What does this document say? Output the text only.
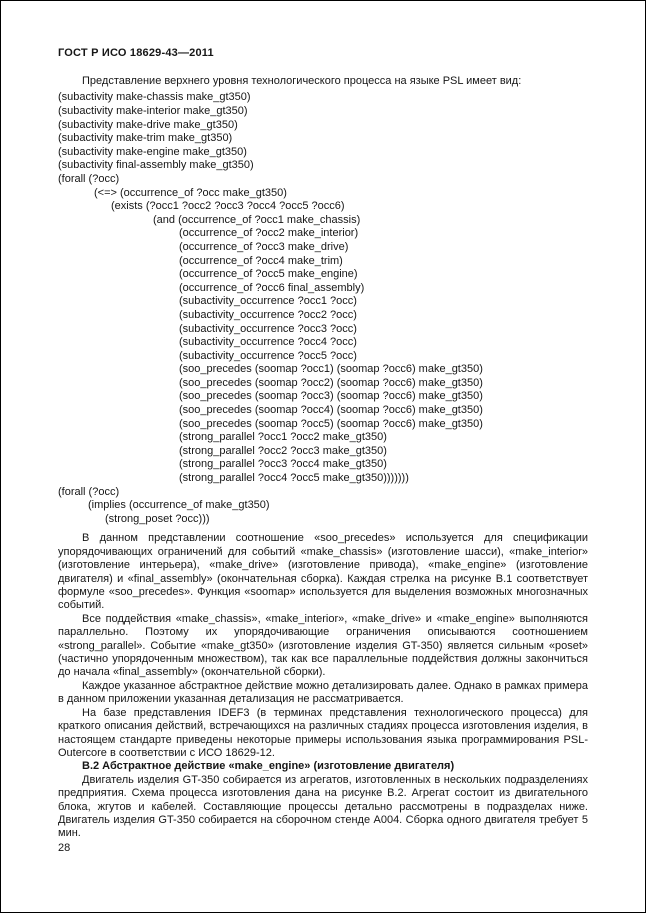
ГОСТ Р ИСО 18629-43—2011

Представление верхнего уровня технологического процесса на языке PSL имеет вид:

(subactivity make-chassis make_gt350)
(subactivity make-interior make_gt350)
(subactivity make-drive make_gt350)
(subactivity make-trim make_gt350)
(subactivity make-engine make_gt350)
(subactivity final-assembly make_gt350)
(forall (?occ)
(<=> (occurrence_of ?occ make_gt350)
(exists (?occ1 ?occ2 ?occ3 ?occ4 ?occ5 ?occ6)
(and (occurrence_of ?occ1 make_chassis)
(occurrence_of ?occ2 make_interior)
(occurrence_of ?occ3 make_drive)
(occurrence_of ?occ4 make_trim)
(occurrence_of ?occ5 make_engine)
(occurrence_of ?occ6 final_assembly)
(subactivity_occurrence ?occ1 ?occ)
(subactivity_occurrence ?occ2 ?occ)
(subactivity_occurrence ?occ3 ?occ)
(subactivity_occurrence ?occ4 ?occ)
(subactivity_occurrence ?occ5 ?occ)
(soo_precedes (soomap ?occ1) (soomap ?occ6) make_gt350)
(soo_precedes (soomap ?occ2) (soomap ?occ6) make_gt350)
(soo_precedes (soomap ?occ3) (soomap ?occ6) make_gt350)
(soo_precedes (soomap ?occ4) (soomap ?occ6) make_gt350)
(soo_precedes (soomap ?occ5) (soomap ?occ6) make_gt350)
(strong_parallel ?occ1 ?occ2 make_gt350)
(strong_parallel ?occ2 ?occ3 make_gt350)
(strong_parallel ?occ3 ?occ4 make_gt350)
(strong_parallel ?occ4 ?occ5 make_gt350)))))))
(forall (?occ)
(implies (occurrence_of make_gt350)
(strong_poset ?occ)))

В данном представлении соотношение «soo_precedes» используется для спецификации упорядочивающих ограничений для событий «make_chassis» (изготовление шасси), «make_interior» (изготовление интерьера), «make_drive» (изготовление привода), «make_engine» (изготовление двигателя) и «final_assembly» (окончательная сборка). Каждая стрелка на рисунке В.1 соответствует формуле «soo_precedes». Функция «soomap» используется для выделения возможных многозначных событий.

Все поддействия «make_chassis», «make_interior», «make_drive» и «make_engine» выполняются параллельно. Поэтому их упорядочивающие ограничения описываются соотношением «strong_parallel». Событие «make_gt350» (изготовление изделия GT-350) является сильным «poset» (частично упорядоченным множеством), так как все параллельные поддействия должны закончиться до начала «final_assembly» (окончательной сборки).

Каждое указанное абстрактное действие можно детализировать далее. Однако в рамках примера в данном приложении указанная детализация не рассматривается.

На базе представления IDEF3 (в терминах представления технологического процесса) для краткого описания действий, встречающихся на различных стадиях процесса изготовления изделия, в настоящем стандарте приведены некоторые примеры использования языка программирования PSL-Outercore в соответствии с ИСО 18629-12.

В.2 Абстрактное действие «make_engine» (изготовление двигателя)

Двигатель изделия GT-350 собирается из агрегатов, изготовленных в нескольких подразделениях предприятия. Схема процесса изготовления дана на рисунке В.2. Агрегат состоит из двигательного блока, жгутов и кабелей. Составляющие процессы детально рассмотрены в подразделах ниже. Двигатель изделия GT-350 собирается на сборочном стенде А004. Сборка одного двигателя требует 5 мин.

28
